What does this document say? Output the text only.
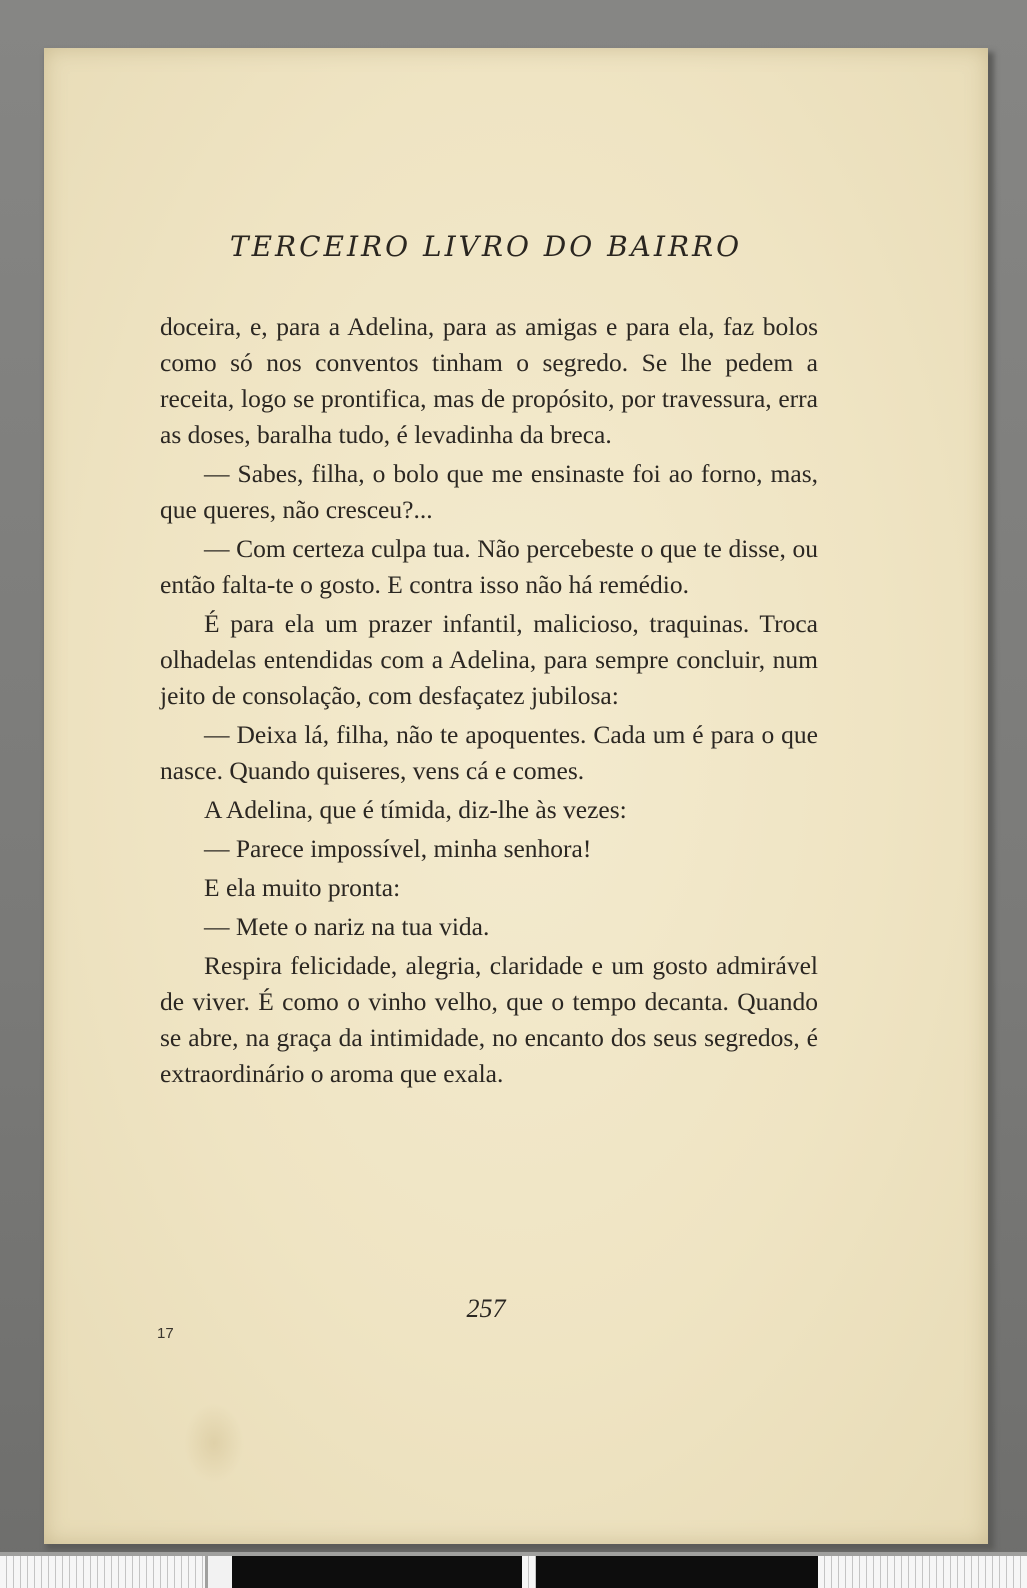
TERCEIRO LIVRO DO BAIRRO

doceira, e, para a Adelina, para as amigas e para ela, faz bolos como só nos conventos tinham o segredo. Se lhe pedem a receita, logo se prontifica, mas de propósito, por travessura, erra as doses, baralha tudo, é levadinha da breca.

— Sabes, filha, o bolo que me ensinaste foi ao forno, mas, que queres, não cresceu?...

— Com certeza culpa tua. Não percebeste o que te disse, ou então falta-te o gosto. E contra isso não há remédio.

É para ela um prazer infantil, malicioso, traquinas. Troca olhadelas entendidas com a Adelina, para sempre concluir, num jeito de consolação, com desfaçatez jubilosa:

— Deixa lá, filha, não te apoquentes. Cada um é para o que nasce. Quando quiseres, vens cá e comes.

A Adelina, que é tímida, diz-lhe às vezes:

— Parece impossível, minha senhora!

E ela muito pronta:

— Mete o nariz na tua vida.

Respira felicidade, alegria, claridade e um gosto admirável de viver. É como o vinho velho, que o tempo decanta. Quando se abre, na graça da intimidade, no encanto dos seus segredos, é extraordinário o aroma que exala.

257
17
